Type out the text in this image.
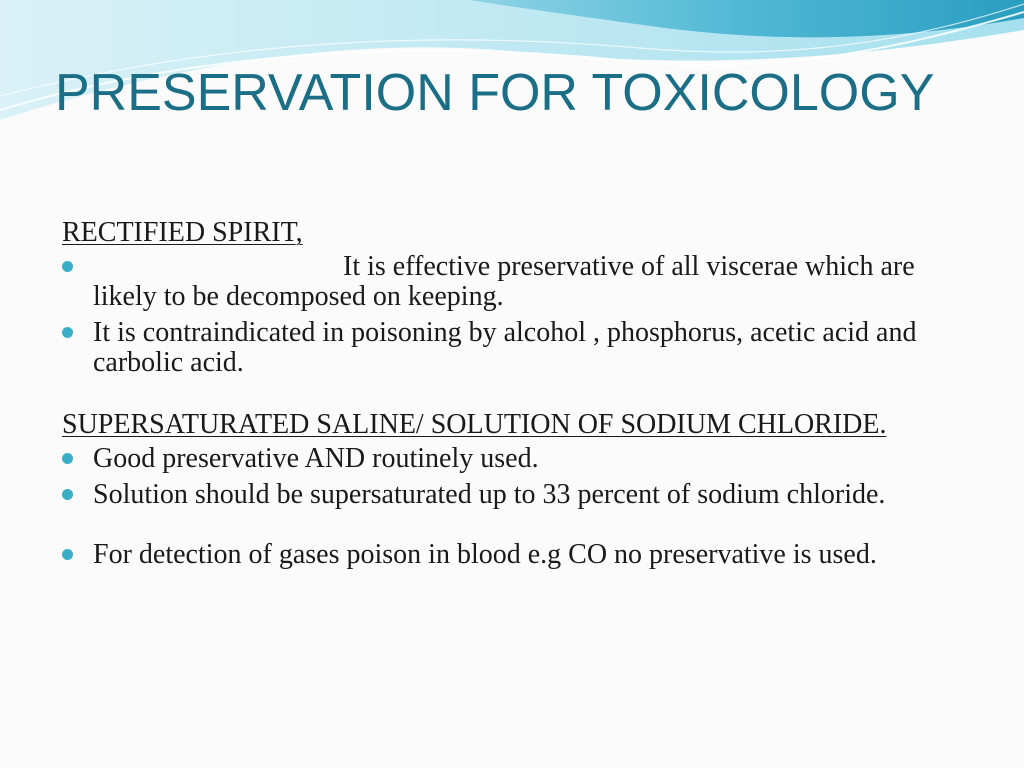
PRESERVATION FOR TOXICOLOGY
RECTIFIED SPIRIT,
It is effective preservative of all viscerae which are likely to be decomposed on keeping.
It is contraindicated in poisoning by alcohol , phosphorus, acetic acid and carbolic acid.
SUPERSATURATED SALINE/ SOLUTION OF SODIUM CHLORIDE.
Good preservative AND routinely used.
Solution should be supersaturated up to 33 percent of sodium chloride.
For detection of gases poison in blood e.g CO no preservative is used.
